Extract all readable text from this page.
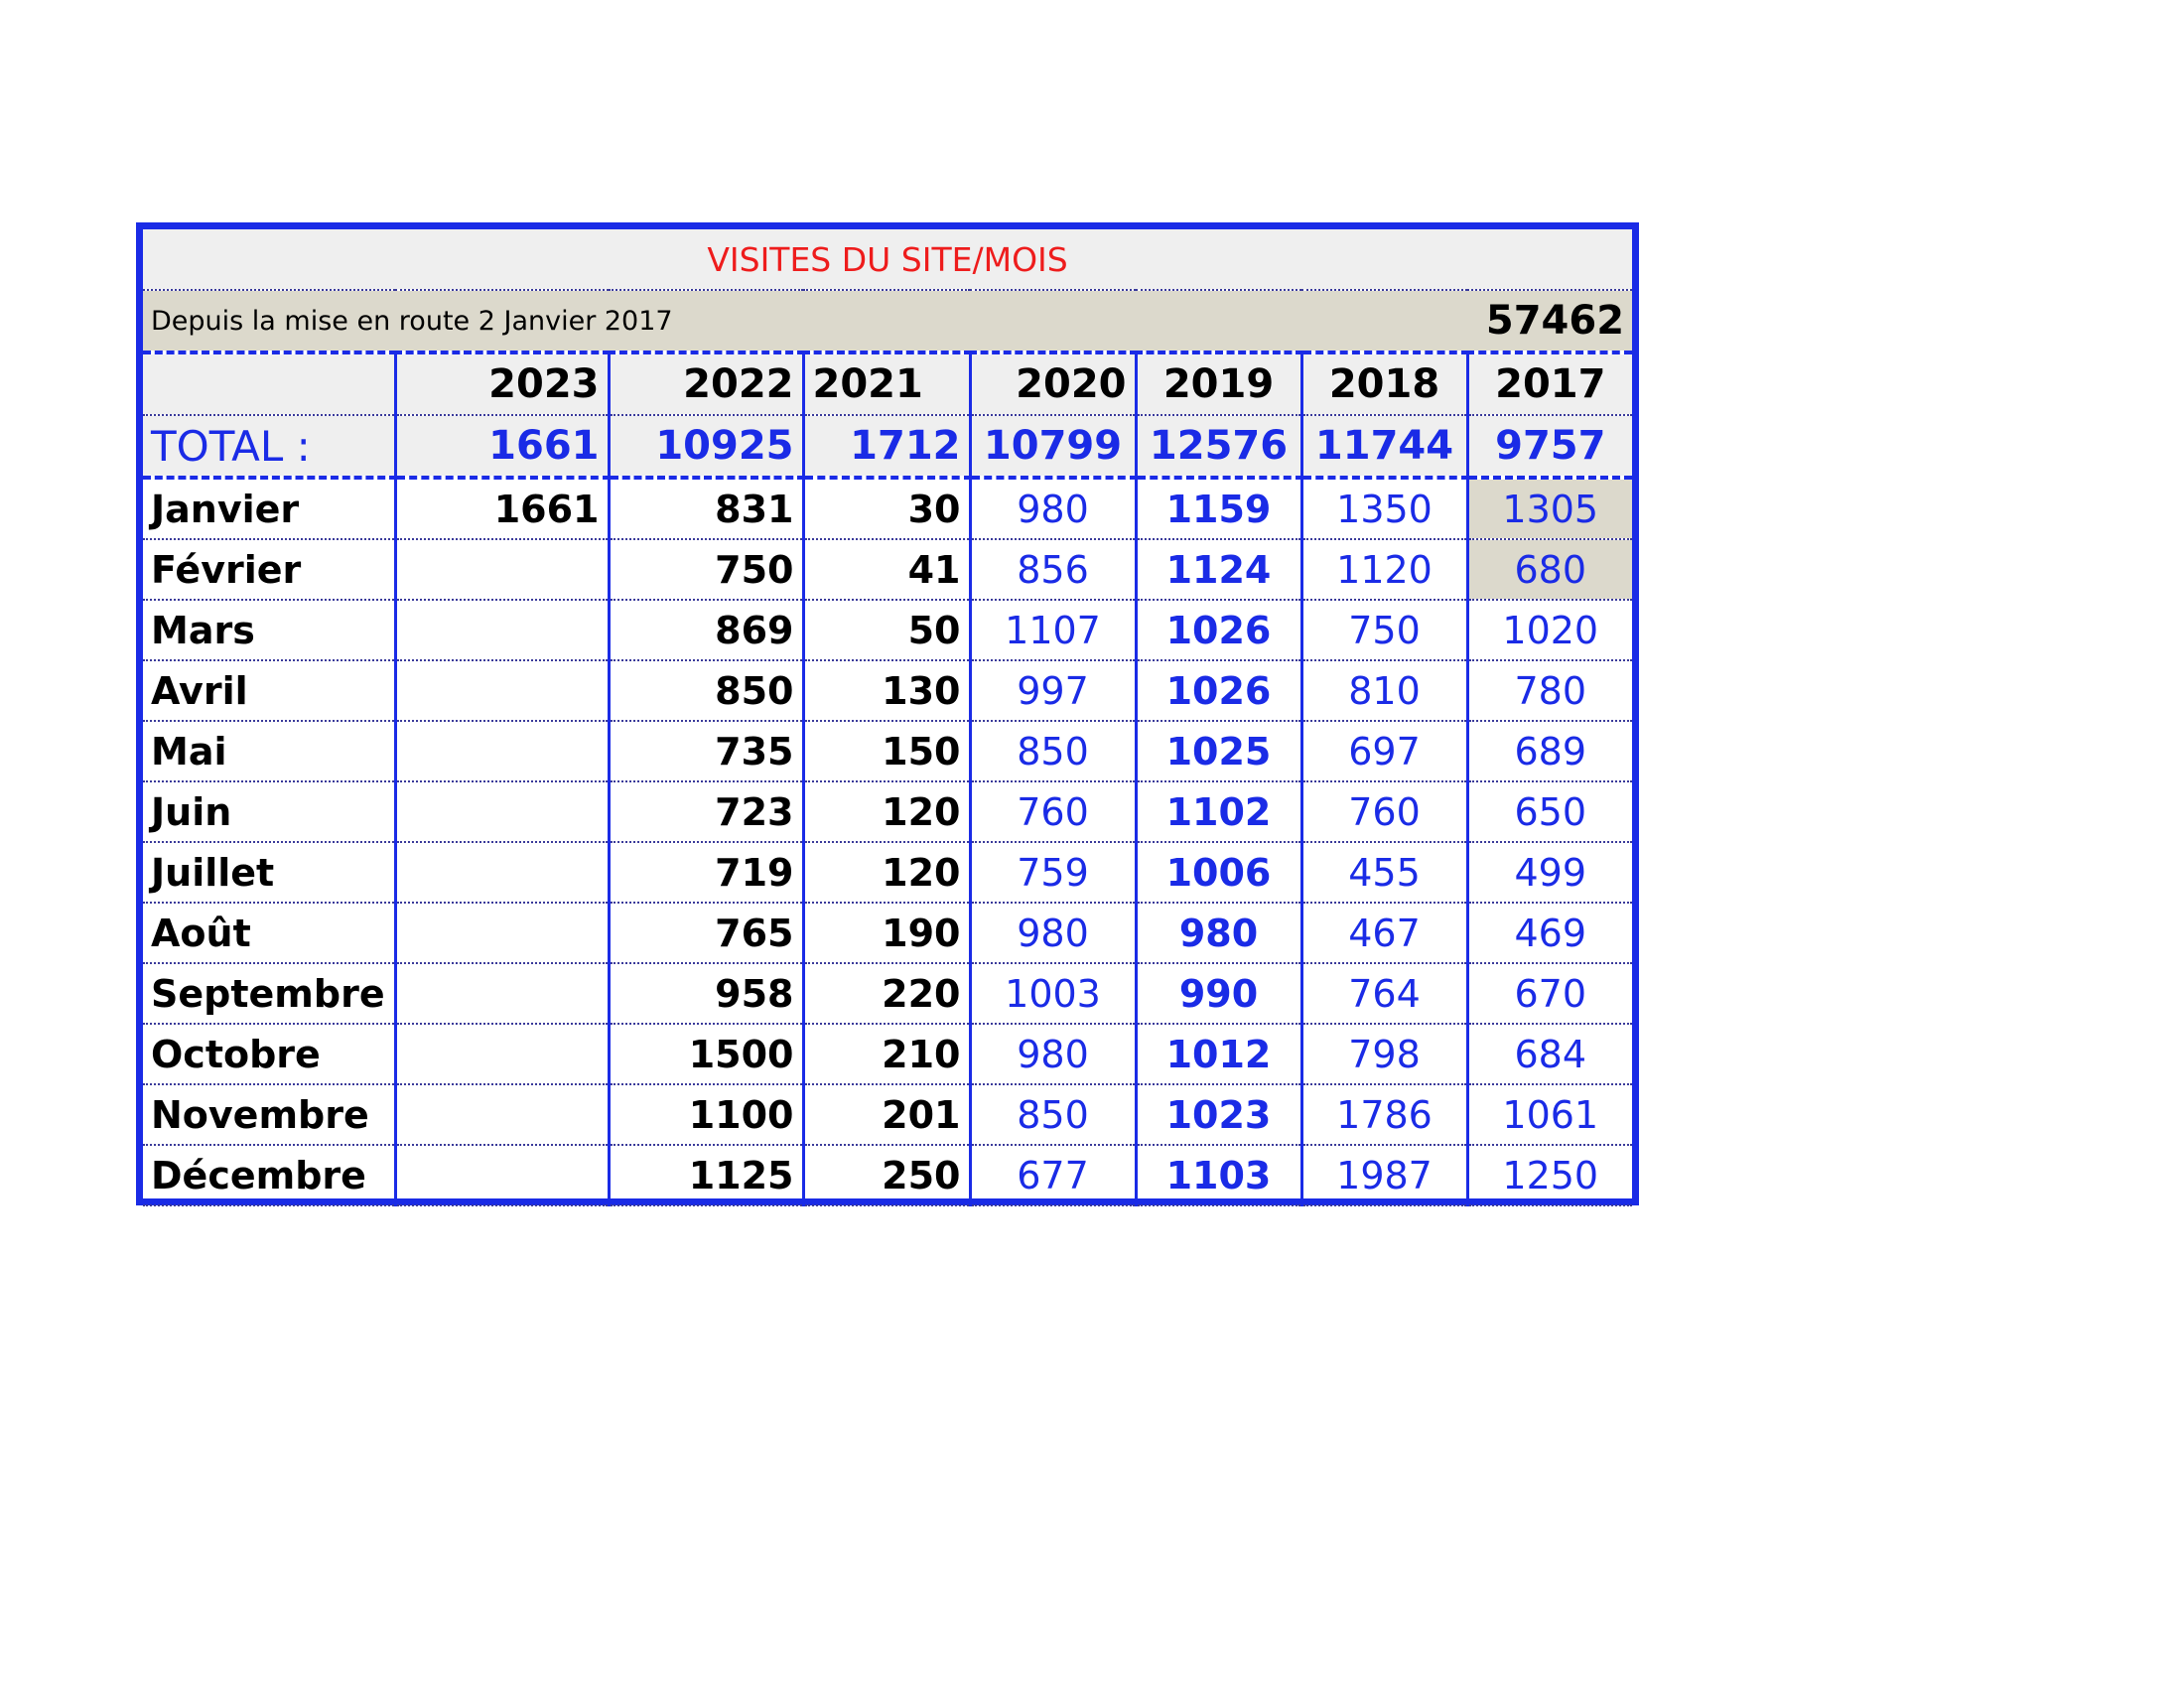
VISITES DU SITE/MOIS							
Depuis la mise en route 2 Janvier 2017						57462	
	2023	2022	2021	2020	2019	2018	2017
TOTAL :	1661	10925	1712	10799	12576	11744	9757
Janvier	1661	831	30	980	1159	1350	1305
Février		750	41	856	1124	1120	680
Mars		869	50	1107	1026	750	1020
Avril		850	130	997	1026	810	780
Mai		735	150	850	1025	697	689
Juin		723	120	760	1102	760	650
Juillet		719	120	759	1006	455	499
Août		765	190	980	980	467	469
Septembre		958	220	1003	990	764	670
Octobre		1500	210	980	1012	798	684
Novembre		1100	201	850	1023	1786	1061
Décembre		1125	250	677	1103	1987	1250
